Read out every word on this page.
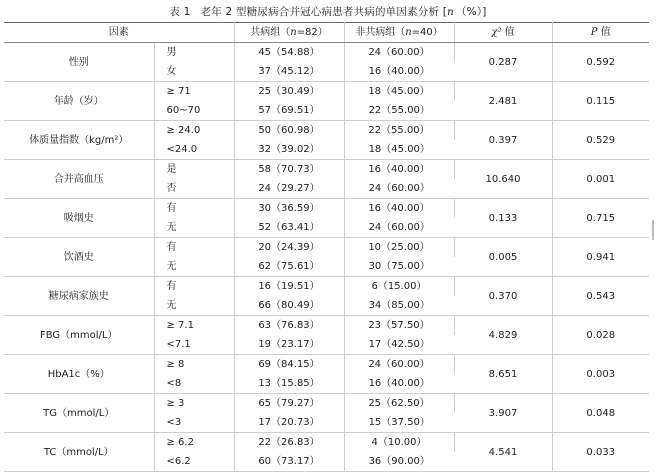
表 1 老年 2 型糖尿病合并冠心病患者共病的单因素分析 [n （%）]
因素		共病组（n=82）	非共病组（n=40）	χ² 值	P 值
性别	男	45（54.88）	24（60.00）	0.287	0.592
	女	37（45.12）	16（40.00）		
年龄（岁）	≥ 71	25（30.49）	18（45.00）	2.481	0.115
	60~70	57（69.51）	22（55.00）		
体质量指数（kg/m²）	≥ 24.0	50（60.98）	22（55.00）	0.397	0.529
	<24.0	32（39.02）	18（45.00）		
合并高血压	是	58（70.73）	16（40.00）	10.640	0.001
	否	24（29.27）	24（60.00）		
吸烟史	有	30（36.59）	16（40.00）	0.133	0.715
	无	52（63.41）	24（60.00）		
饮酒史	有	20（24.39）	10（25.00）	0.005	0.941
	无	62（75.61）	30（75.00）		
糖尿病家族史	有	16（19.51）	6（15.00）	0.370	0.543
	无	66（80.49）	34（85.00）		
FBG（mmol/L）	≥ 7.1	63（76.83）	23（57.50）	4.829	0.028
	<7.1	19（23.17）	17（42.50）		
HbA1c（%）	≥ 8	69（84.15）	24（60.00）	8.651	0.003
	<8	13（15.85）	16（40.00）		
TG（mmol/L）	≥ 3	65（79.27）	25（62.50）	3.907	0.048
	<3	17（20.73）	15（37.50）		
TC（mmol/L）	≥ 6.2	22（26.83）	4（10.00）	4.541	0.033
	<6.2	60（73.17）	36（90.00）		
